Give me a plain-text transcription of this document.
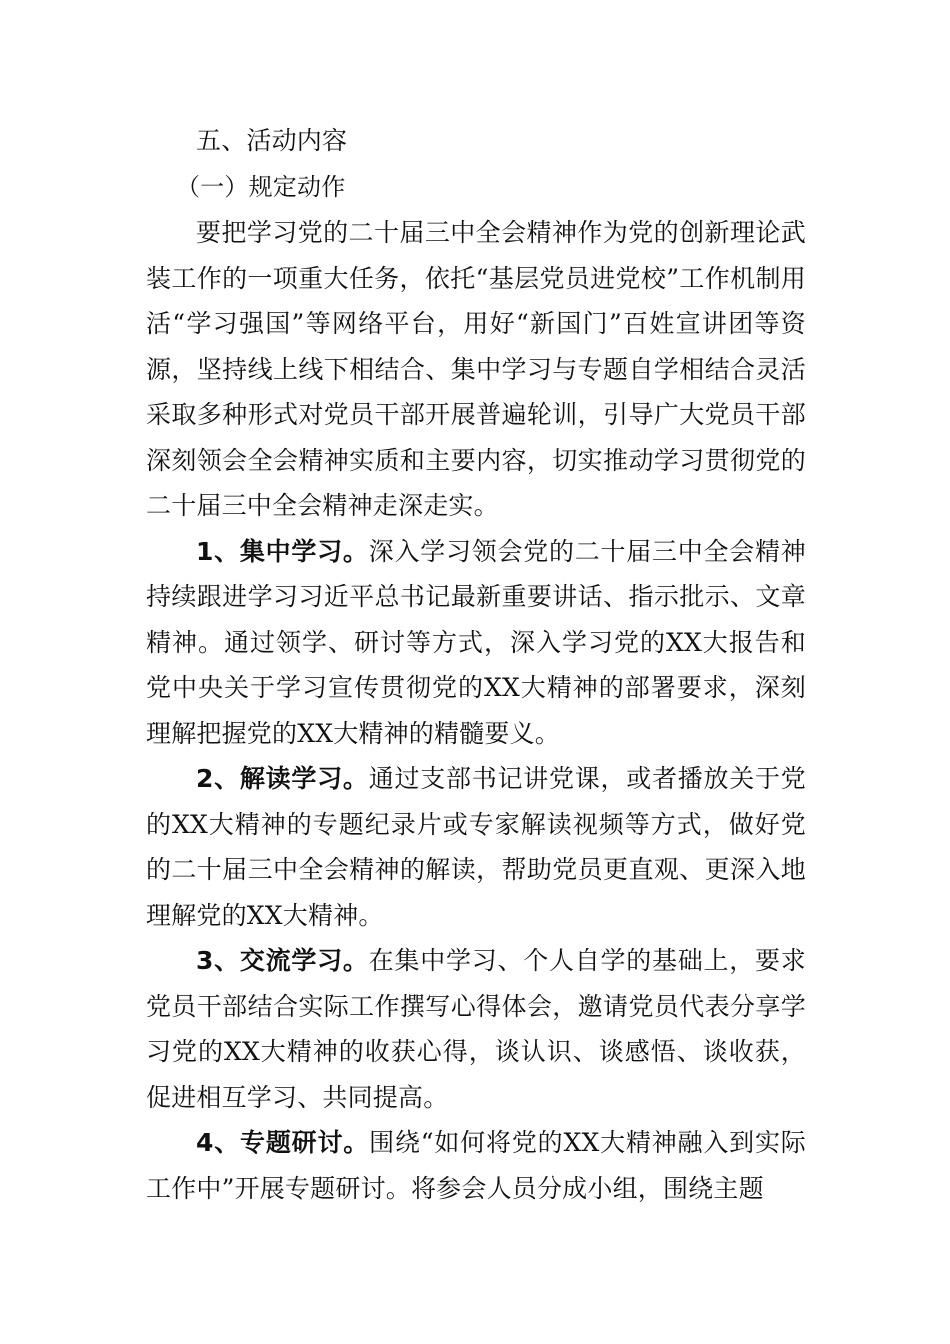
五、活动内容
（一）规定动作

要把学习党的二十届三中全会精神作为党的创新理论武装工作的一项重大任务，依托“基层党员进党校”工作机制用活“学习强国”等网络平台，用好“新国门”百姓宣讲团等资源，坚持线上线下相结合、集中学习与专题自学相结合灵活采取多种形式对党员干部开展普遍轮训，引导广大党员干部深刻领会全会精神实质和主要内容，切实推动学习贯彻党的二十届三中全会精神走深走实。

1、集中学习。深入学习领会党的二十届三中全会精神持续跟进学习习近平总书记最新重要讲话、指示批示、文章精神。通过领学、研讨等方式，深入学习党的XX大报告和党中央关于学习宣传贯彻党的XX大精神的部署要求，深刻理解把握党的XX大精神的精髓要义。

2、解读学习。通过支部书记讲党课，或者播放关于党的XX大精神的专题纪录片或专家解读视频等方式，做好党的二十届三中全会精神的解读，帮助党员更直观、更深入地理解党的XX大精神。

3、交流学习。在集中学习、个人自学的基础上，要求党员干部结合实际工作撰写心得体会，邀请党员代表分享学习党的XX大精神的收获心得，谈认识、谈感悟、谈收获，促进相互学习、共同提高。

4、专题研讨。围绕“如何将党的XX大精神融入到实际工作中”开展专题研讨。将参会人员分成小组，围绕主题
